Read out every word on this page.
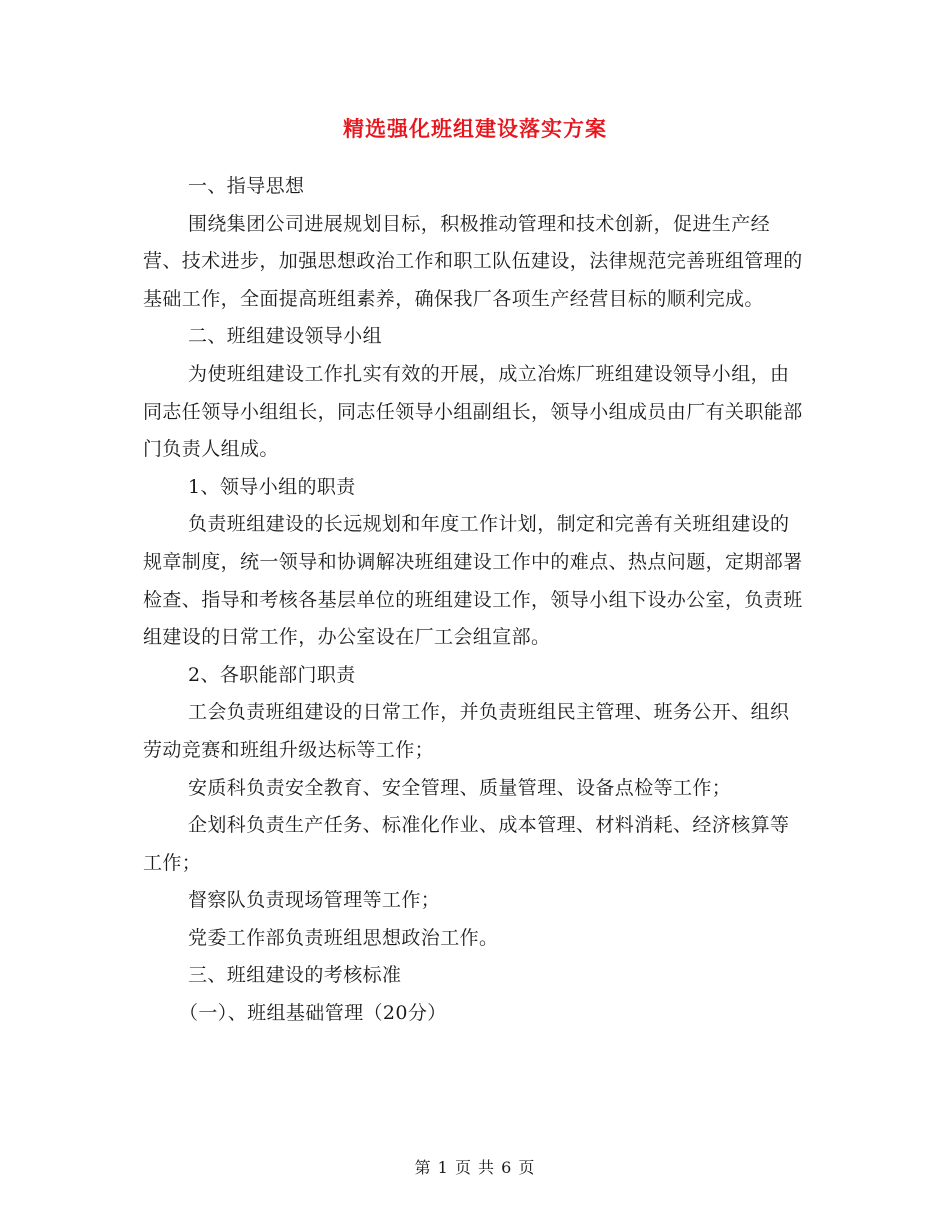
精选强化班组建设落实方案

一、指导思想

围绕集团公司进展规划目标，积极推动管理和技术创新，促进生产经营、技术进步，加强思想政治工作和职工队伍建设，法律规范完善班组管理的基础工作，全面提高班组素养，确保我厂各项生产经营目标的顺利完成。

二、班组建设领导小组

为使班组建设工作扎实有效的开展，成立冶炼厂班组建设领导小组，由同志任领导小组组长，同志任领导小组副组长，领导小组成员由厂有关职能部门负责人组成。

1、领导小组的职责

负责班组建设的长远规划和年度工作计划，制定和完善有关班组建设的规章制度，统一领导和协调解决班组建设工作中的难点、热点问题，定期部署检查、指导和考核各基层单位的班组建设工作，领导小组下设办公室，负责班组建设的日常工作，办公室设在厂工会组宣部。

2、各职能部门职责

工会负责班组建设的日常工作，并负责班组民主管理、班务公开、组织劳动竞赛和班组升级达标等工作；

安质科负责安全教育、安全管理、质量管理、设备点检等工作；

企划科负责生产任务、标准化作业、成本管理、材料消耗、经济核算等工作；

督察队负责现场管理等工作；

党委工作部负责班组思想政治工作。

三、班组建设的考核标准

（一）、班组基础管理（20分）

第 1 页 共 6 页
